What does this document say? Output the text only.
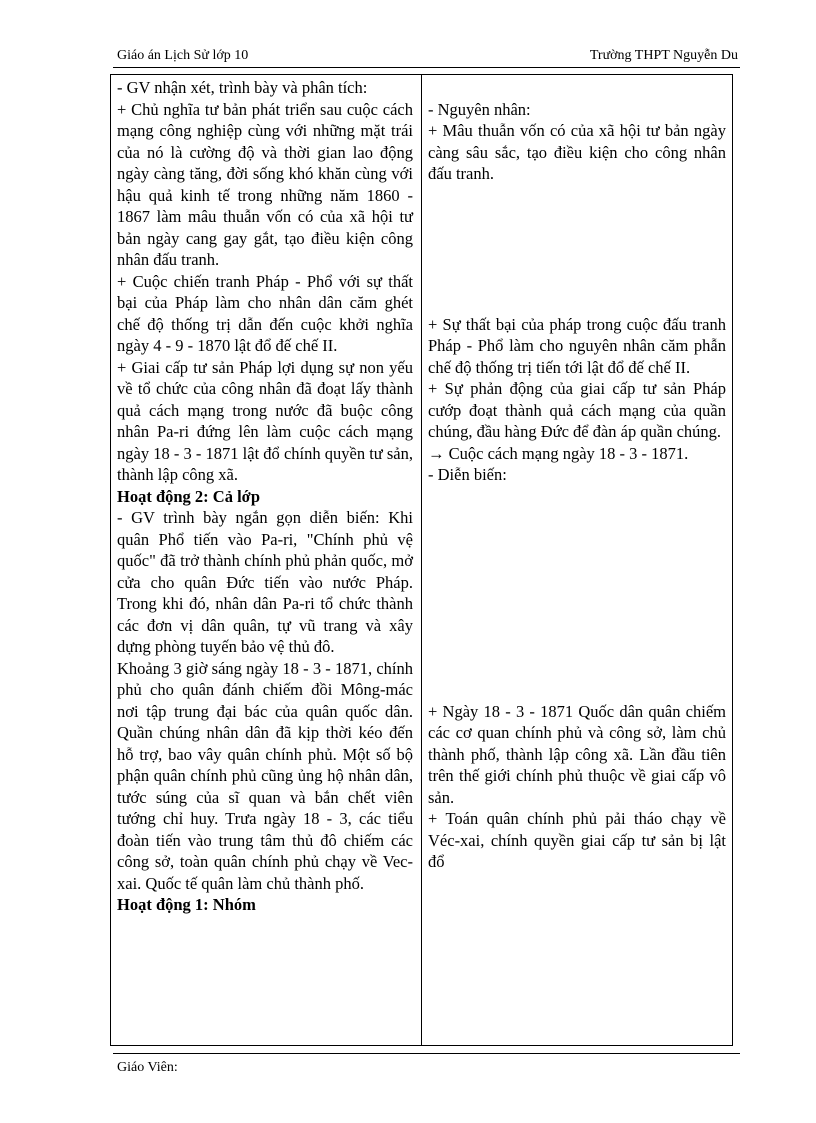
Giáo án Lịch Sử lớp 10	Trường THPT Nguyễn Du

- GV nhận xét, trình bày và phân tích:

+ Chủ nghĩa tư bản phát triển sau cuộc cách mạng công nghiệp cùng với những mặt trái của nó là cường độ và thời gian lao động ngày càng tăng, đời sống khó khăn cùng với hậu quả kinh tế trong những năm 1860 - 1867 làm mâu thuẫn vốn có của xã hội tư bản ngày cang gay gắt, tạo điều kiện công nhân đấu tranh.

+ Cuộc chiến tranh Pháp - Phổ với sự thất bại của Pháp làm cho nhân dân căm ghét chế độ thống trị dẫn đến cuộc khởi nghĩa ngày 4 - 9 - 1870 lật đổ đế chế II.

+ Giai cấp tư sản Pháp lợi dụng sự non yếu về tổ chức của công nhân đã đoạt lấy thành quả cách mạng trong nước đã buộc công nhân Pa-ri đứng lên làm cuộc cách mạng ngày 18 - 3 - 1871 lật đổ chính quyền tư sản, thành lập công xã.

Hoạt động 2: Cả lớp

- GV trình bày ngắn gọn diễn biến: Khi quân Phổ tiến vào Pa-ri, "Chính phủ vệ quốc" đã trở thành chính phủ phản quốc, mở cửa cho quân Đức tiến vào nước Pháp. Trong khi đó, nhân dân Pa-ri tổ chức thành các đơn vị dân quân, tự vũ trang và xây dựng phòng tuyến bảo vệ thủ đô.

Khoảng 3 giờ sáng ngày 18 - 3 - 1871, chính phủ cho quân đánh chiếm đồi Mông-mác nơi tập trung đại bác của quân quốc dân. Quần chúng nhân dân đã kịp thời kéo đến hỗ trợ, bao vây quân chính phủ. Một số bộ phận quân chính phủ cũng ủng hộ nhân dân, tước súng của sĩ quan và bắn chết viên tướng chỉ huy. Trưa ngày 18 - 3, các tiểu đoàn tiến vào trung tâm thủ đô chiếm các công sở, toàn quân chính phủ chạy về Vec-xai. Quốc tế quân làm chủ thành phố.

Hoạt động 1: Nhóm

- Nguyên nhân:

+ Mâu thuẫn vốn có của xã hội tư bản ngày càng sâu sắc, tạo điều kiện cho công nhân đấu tranh.

+ Sự thất bại của pháp trong cuộc đấu tranh Pháp - Phổ làm cho nguyên nhân căm phẫn chế độ thống trị tiến tới lật đổ đế chế II.

+ Sự phản động của giai cấp tư sản Pháp cướp đoạt thành quả cách mạng của quần chúng, đầu hàng Đức để đàn áp quần chúng.

→ Cuộc cách mạng ngày 18 - 3 - 1871.

- Diễn biến:

+ Ngày 18 - 3 - 1871 Quốc dân quân chiếm các cơ quan chính phủ và công sở, làm chủ thành phố, thành lập công xã. Lần đầu tiên trên thế giới chính phủ thuộc về giai cấp vô sản.

+ Toán quân chính phủ pải tháo chạy về Véc-xai, chính quyền giai cấp tư sản bị lật đổ

Giáo Viên:
